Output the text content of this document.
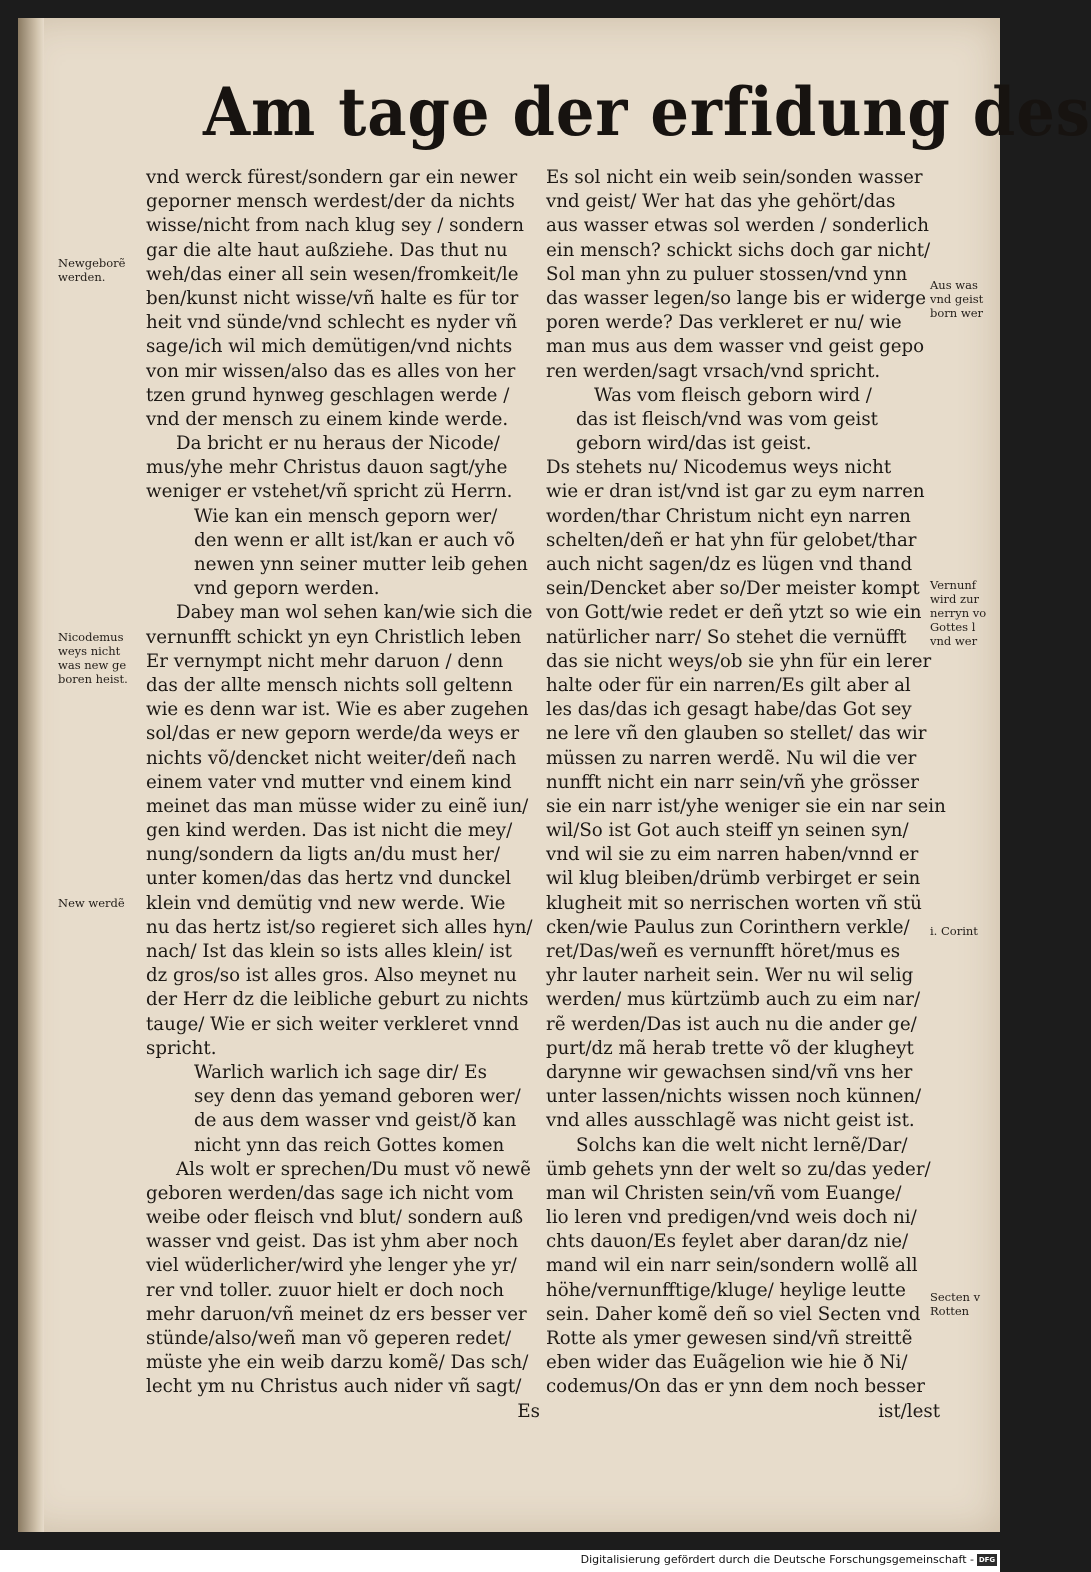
Am tage der erfidung des
vnd werck fürest/sondern gar ein newer
geporner mensch werdest/der da nichts
wisse/nicht from nach klug sey / sondern
gar die alte haut außziehe. Das thut nu
weh/das einer all sein wesen/fromkeit/le
ben/kunst nicht wisse/vñ halte es für tor
heit vnd sünde/vnd schlecht es nyder vñ
sage/ich wil mich demütigen/vnd nichts
von mir wissen/also das es alles von her
tzen grund hynweg geschlagen werde /
vnd der mensch zu einem kinde werde.
Da bricht er nu heraus der Nicode/
mus/yhe mehr Christus dauon sagt/yhe
weniger er vstehet/vñ spricht zü Herrn.
Wie kan ein mensch geporn wer/
den wenn er allt ist/kan er auch võ
newen ynn seiner mutter leib gehen
vnd geporn werden.
Dabey man wol sehen kan/wie sich die
vernunfft schickt yn eyn Christlich leben
Er vernympt nicht mehr daruon / denn
das der allte mensch nichts soll geltenn
wie es denn war ist. Wie es aber zugehen
sol/das er new geporn werde/da weys er
nichts võ/dencket nicht weiter/deñ nach
einem vater vnd mutter vnd einem kind
meinet das man müsse wider zu einẽ iun/
gen kind werden. Das ist nicht die mey/
nung/sondern da ligts an/du must her/
unter komen/das das hertz vnd dunckel
klein vnd demütig vnd new werde. Wie
nu das hertz ist/so regieret sich alles hyn/
nach/ Ist das klein so ists alles klein/ ist
dz gros/so ist alles gros. Also meynet nu
der Herr dz die leibliche geburt zu nichts
tauge/ Wie er sich weiter verkleret vnnd
spricht.
Warlich warlich ich sage dir/ Es
sey denn das yemand geboren wer/
de aus dem wasser vnd geist/ð kan
nicht ynn das reich Gottes komen
Als wolt er sprechen/Du must võ newẽ
geboren werden/das sage ich nicht vom
weibe oder fleisch vnd blut/ sondern auß
wasser vnd geist. Das ist yhm aber noch
viel wüderlicher/wird yhe lenger yhe yr/
rer vnd toller. zuuor hielt er doch noch
mehr daruon/vñ meinet dz ers besser ver
stünde/also/weñ man võ geperen redet/
müste yhe ein weib darzu komẽ/ Das sch/
lecht ym nu Christus auch nider vñ sagt/
Es
Es sol nicht ein weib sein/sonden wasser
vnd geist/ Wer hat das yhe gehört/das
aus wasser etwas sol werden / sonderlich
ein mensch? schickt sichs doch gar nicht/
Sol man yhn zu puluer stossen/vnd ynn
das wasser legen/so lange bis er widerge
poren werde? Das verkleret er nu/ wie
man mus aus dem wasser vnd geist gepo
ren werden/sagt vrsach/vnd spricht.
Was vom fleisch geborn wird /
das ist fleisch/vnd was vom geist
geborn wird/das ist geist.
Ds stehets nu/ Nicodemus weys nicht
wie er dran ist/vnd ist gar zu eym narren
worden/thar Christum nicht eyn narren
schelten/deñ er hat yhn für gelobet/thar
auch nicht sagen/dz es lügen vnd thand
sein/Dencket aber so/Der meister kompt
von Gott/wie redet er deñ ytzt so wie ein
natürlicher narr/ So stehet die vernüfft
das sie nicht weys/ob sie yhn für ein lerer
halte oder für ein narren/Es gilt aber al
les das/das ich gesagt habe/das Got sey
ne lere vñ den glauben so stellet/ das wir
müssen zu narren werdẽ. Nu wil die ver
nunfft nicht ein narr sein/vñ yhe grösser
sie ein narr ist/yhe weniger sie ein nar sein
wil/So ist Got auch steiff yn seinen syn/
vnd wil sie zu eim narren haben/vnnd er
wil klug bleiben/drümb verbirget er sein
klugheit mit so nerrischen worten vñ stü
cken/wie Paulus zun Corinthern verkle/
ret/Das/weñ es vernunfft höret/mus es
yhr lauter narheit sein. Wer nu wil selig
werden/ mus kürtzümb auch zu eim nar/
rẽ werden/Das ist auch nu die ander ge/
purt/dz mã herab trette võ der klugheyt
darynne wir gewachsen sind/vñ vns her
unter lassen/nichts wissen noch künnen/
vnd alles ausschlagẽ was nicht geist ist.
Solchs kan die welt nicht lernẽ/Dar/
ümb gehets ynn der welt so zu/das yeder/
man wil Christen sein/vñ vom Euange/
lio leren vnd predigen/vnd weis doch ni/
chts dauon/Es feylet aber daran/dz nie/
mand wil ein narr sein/sondern wollẽ all
höhe/vernunfftige/kluge/ heylige leutte
sein. Daher komẽ deñ so viel Secten vnd
Rotte als ymer gewesen sind/vñ streittẽ
eben wider das Euãgelion wie hie ð Ni/
codemus/On das er ynn dem noch besser
ist/lest
Newgeborẽ
werden.
Nicodemus
weys nicht
was new ge
boren heist.
New werdẽ
Aus was
vnd geist
born wer
Vernunf
wird zur
nerryn vo
Gottes l
vnd wer
i. Corint
Secten v
Rotten
Digitalisierung gefördert durch die Deutsche Forschungsgemeinschaft - DFG
